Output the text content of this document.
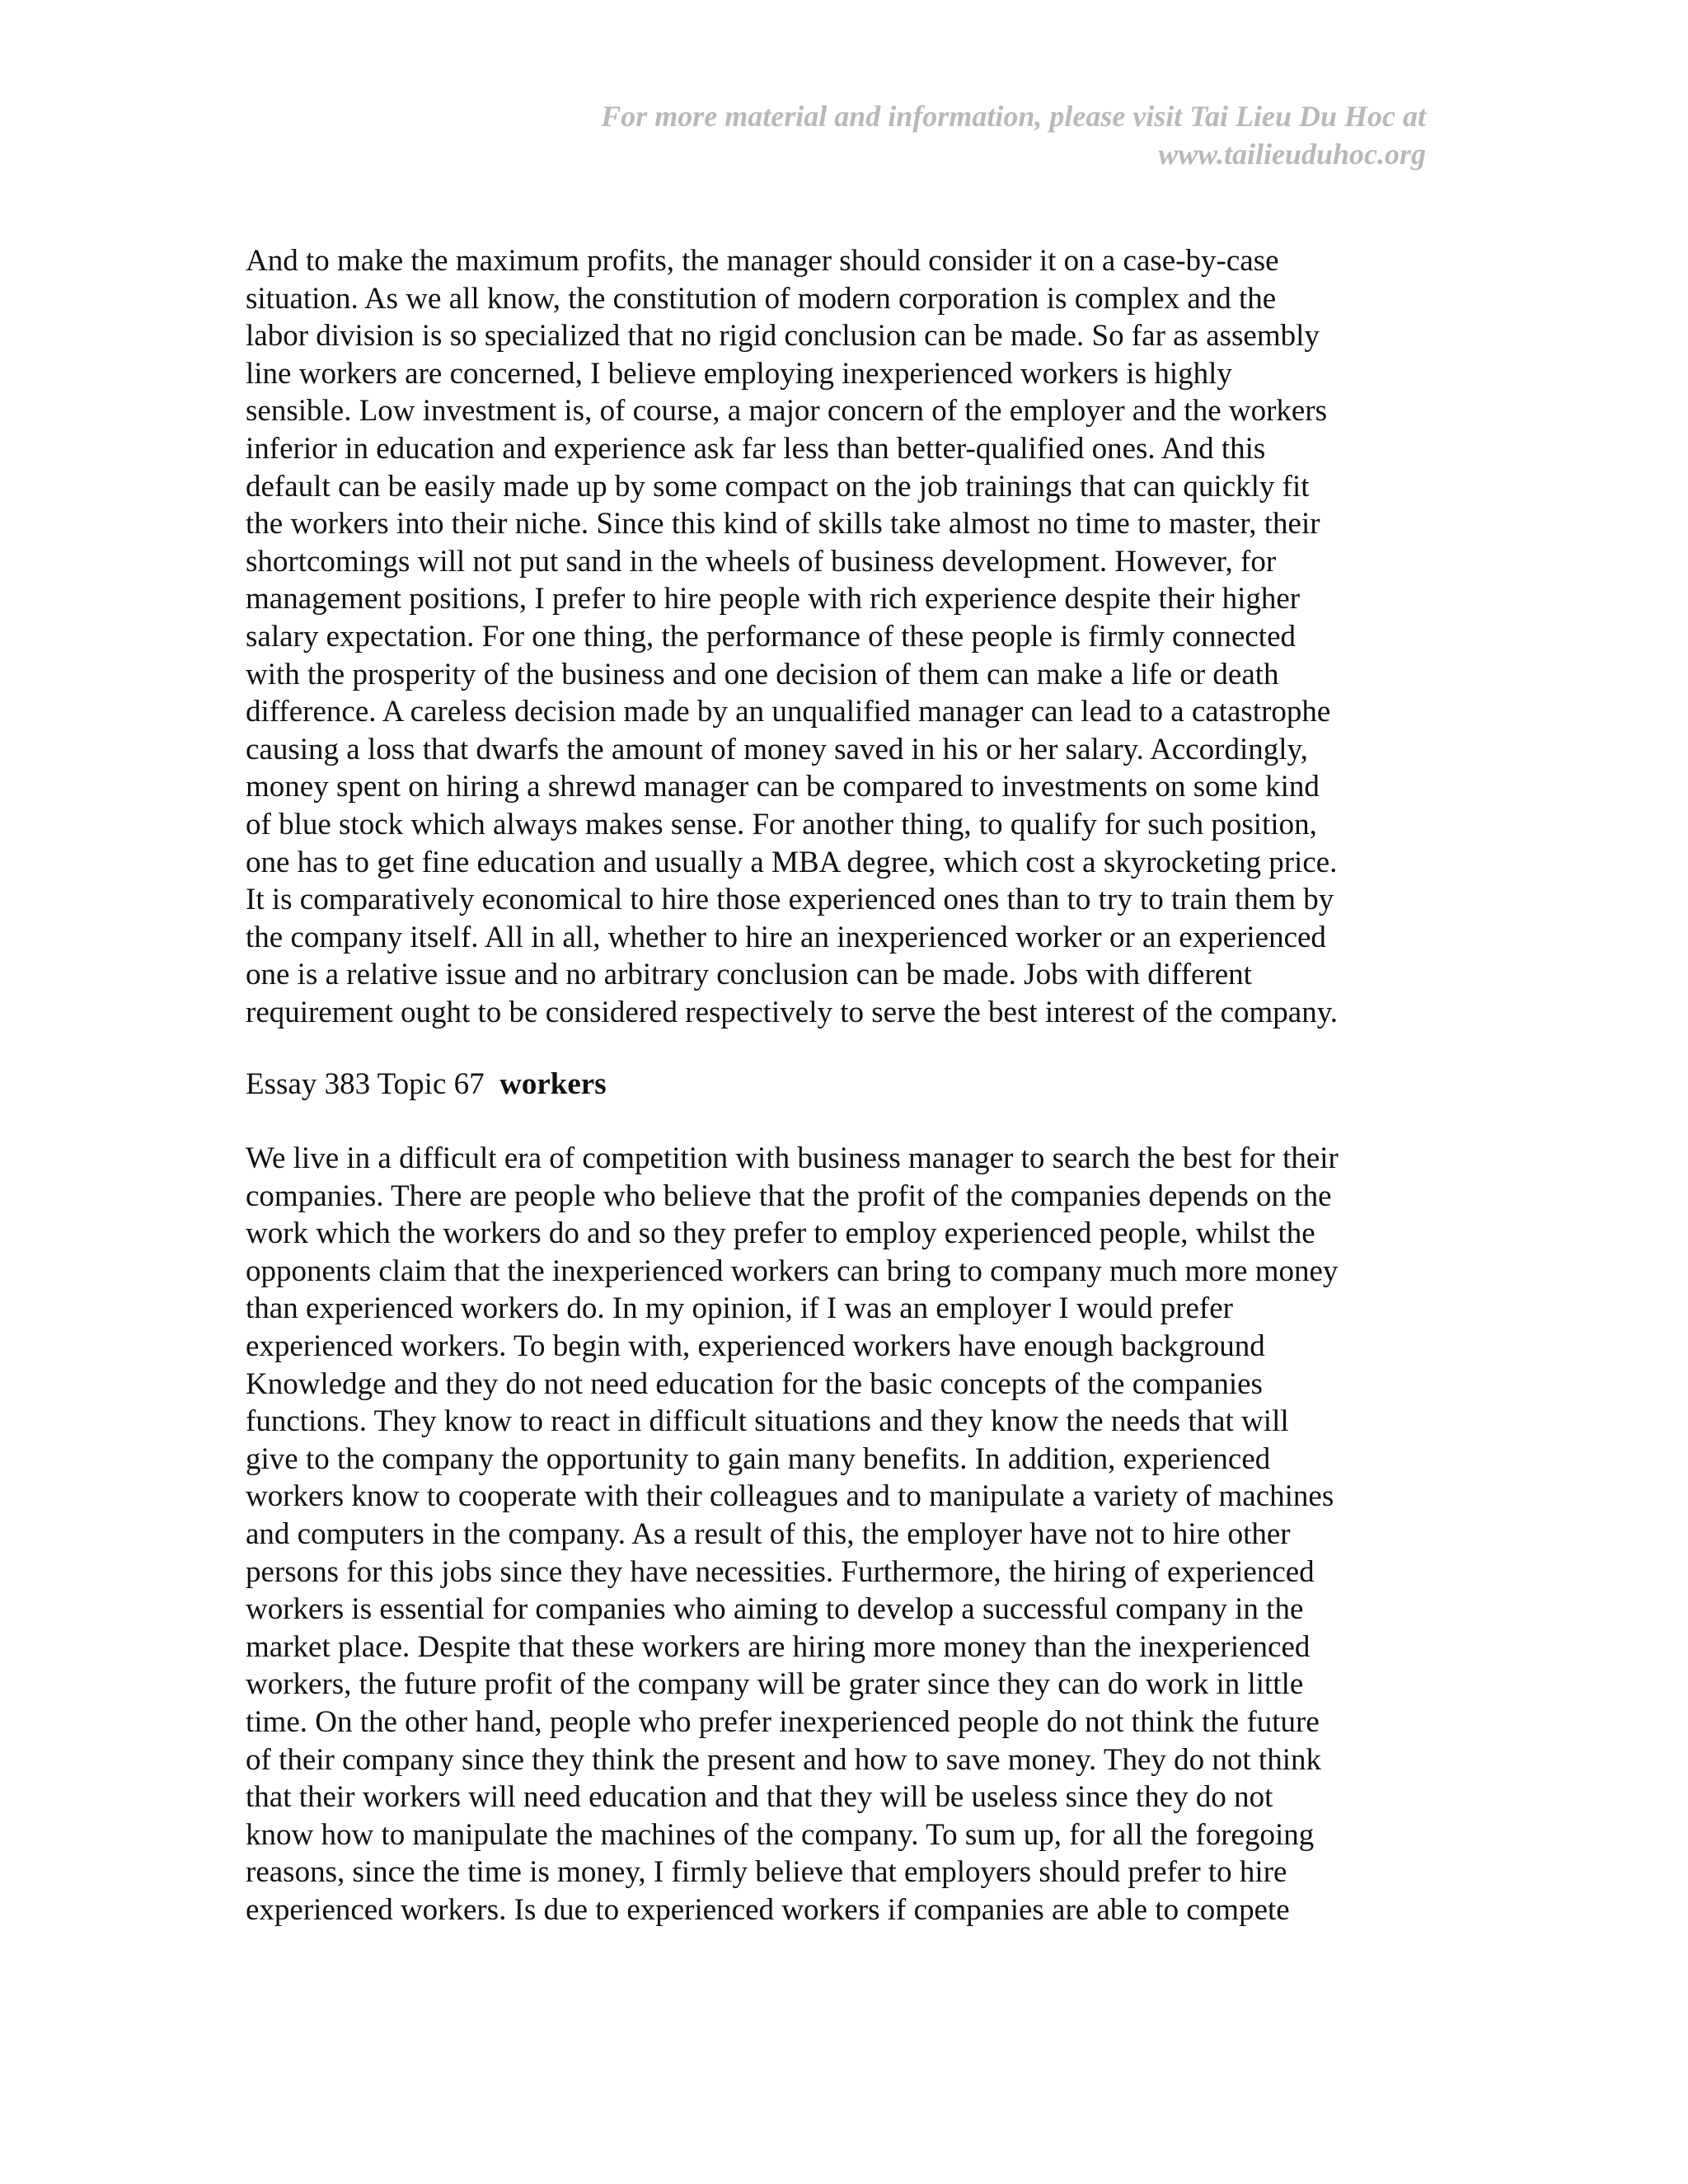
For more material and information, please visit Tai Lieu Du Hoc at
www.tailieuduhoc.org
And to make the maximum profits, the manager should consider it on a case-by-case
situation. As we all know, the constitution of modern corporation is complex and the
labor division is so specialized that no rigid conclusion can be made. So far as assembly
line workers are concerned, I believe employing inexperienced workers is highly
sensible. Low investment is, of course, a major concern of the employer and the workers
inferior in education and experience ask far less than better-qualified ones. And this
default can be easily made up by some compact on the job trainings that can quickly fit
the workers into their niche. Since this kind of skills take almost no time to master, their
shortcomings will not put sand in the wheels of business development. However, for
management positions, I prefer to hire people with rich experience despite their higher
salary expectation. For one thing, the performance of these people is firmly connected
with the prosperity of the business and one decision of them can make a life or death
difference. A careless decision made by an unqualified manager can lead to a catastrophe
causing a loss that dwarfs the amount of money saved in his or her salary. Accordingly,
money spent on hiring a shrewd manager can be compared to investments on some kind
of blue stock which always makes sense. For another thing, to qualify for such position,
one has to get fine education and usually a MBA degree, which cost a skyrocketing price.
It is comparatively economical to hire those experienced ones than to try to train them by
the company itself. All in all, whether to hire an inexperienced worker or an experienced
one is a relative issue and no arbitrary conclusion can be made. Jobs with different
requirement ought to be considered respectively to serve the best interest of the company.
Essay 383 Topic 67 workers
We live in a difficult era of competition with business manager to search the best for their
companies. There are people who believe that the profit of the companies depends on the
work which the workers do and so they prefer to employ experienced people, whilst the
opponents claim that the inexperienced workers can bring to company much more money
than experienced workers do. In my opinion, if I was an employer I would prefer
experienced workers. To begin with, experienced workers have enough background
Knowledge and they do not need education for the basic concepts of the companies
functions. They know to react in difficult situations and they know the needs that will
give to the company the opportunity to gain many benefits. In addition, experienced
workers know to cooperate with their colleagues and to manipulate a variety of machines
and computers in the company. As a result of this, the employer have not to hire other
persons for this jobs since they have necessities. Furthermore, the hiring of experienced
workers is essential for companies who aiming to develop a successful company in the
market place. Despite that these workers are hiring more money than the inexperienced
workers, the future profit of the company will be grater since they can do work in little
time. On the other hand, people who prefer inexperienced people do not think the future
of their company since they think the present and how to save money. They do not think
that their workers will need education and that they will be useless since they do not
know how to manipulate the machines of the company. To sum up, for all the foregoing
reasons, since the time is money, I firmly believe that employers should prefer to hire
experienced workers. Is due to experienced workers if companies are able to compete
